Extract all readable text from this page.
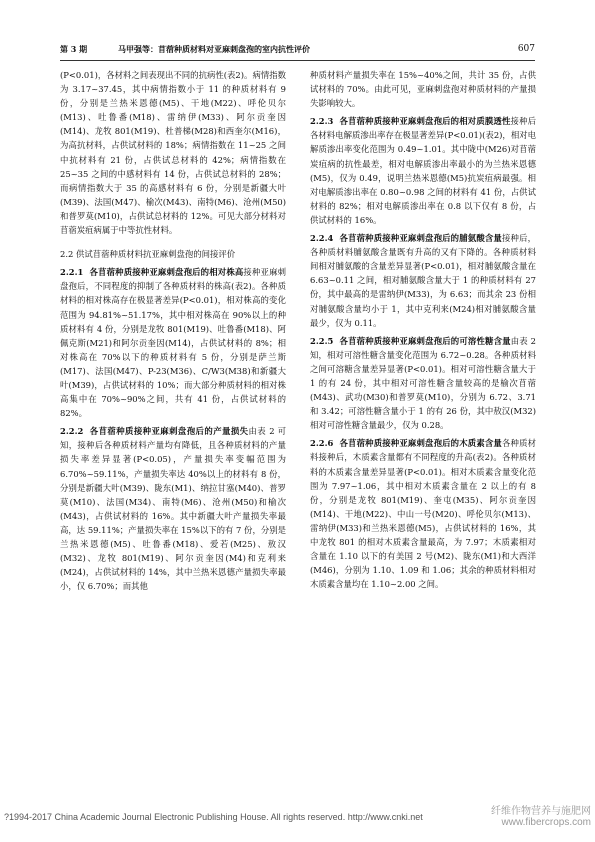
第 3 期	马甲强等：苜蓿种质材料对亚麻刺盘孢的室内抗性评价	607

(P<0.01)，各材料之间表现出不同的抗病性(表2)。病情指数为 3.17~37.45，其中病情指数小于 11 的种质材料有 9 份，分别是兰热米恩德(M5)、干地(M22)、呼伦贝尔(M13)、吐鲁番(M18)、雷纳伊(M33)、阿尔贡奎因(M14)、龙牧 801(M19)、杜普梯(M28)和西奎尔(M16)，为高抗材料，占供试材料的 18%；病情指数在 11~25 之间中抗材料有 21 份，占供试总材料的 42%；病情指数在 25~35 之间的中感材料有 14 份，占供试总材料的 28%；而病情指数大于 35 的高感材料有 6 份，分别是新疆大叶(M39)、法国(M47)、榆次(M43)、南特(M6)、沧州(M50)和普罗莫(M10)，占供试总材料的 12%。可见大部分材料对苜蓿炭疽病属于中等抗性材料。

2.2 供试苜蓿种质材料抗亚麻刺盘孢的间接评价

2.2.1 各苜蓿种质接种亚麻刺盘孢后的相对株高接种亚麻刺盘孢后，不同程度的抑制了各种质材料的株高(表2)。各种质材料的相对株高存在极显著差异(P<0.01)，相对株高的变化范围为 94.81%~51.17%，其中相对株高在 90%以上的种质材料有 4 份，分别是龙牧 801(M19)、吐鲁番(M18)、阿佩克斯(M21)和阿尔贡奎因(M14)，占供试材料的 8%；相对株高在 70%以下的种质材料有 5 份，分别是萨兰斯(M17)、法国(M47)、P-23(M36)、C/W3(M38)和新疆大叶(M39)，占供试材料的 10%；而大部分种质材料的相对株高集中在 70%~90%之间，共有 41 份，占供试材料的 82%。

2.2.2 各苜蓿种质接种亚麻刺盘孢后的产量损失由表 2 可知，接种后各种质材料产量均有降低，且各种质材料的产量损失率差异显著(P<0.05)，产量损失率变幅范围为 6.70%~59.11%，产量损失率达 40%以上的材料有 8 份，分别是新疆大叶(M39)、陇东(M1)、纳拉甘塞(M40)、普罗莫(M10)、法国(M34)、南特(M6)、沧州(M50)和榆次(M43)，占供试材料的 16%。其中新疆大叶产量损失率最高，达 59.11%；产量损失率在 15%以下的有 7 份，分别是兰热米恩德(M5)、吐鲁番(M18)、爱若(M25)、敖汉(M32)、龙牧 801(M19)、阿尔贡奎因(M4)和克利来(M24)，占供试材料的 14%，其中兰热米恩德产量损失率最小，仅 6.70%；而其他

种质材料产量损失率在 15%~40%之间，共计 35 份，占供试材料的 70%。由此可见，亚麻刺盘孢对种质材料的产量损失影响较大。

2.2.3 各苜蓿种质接种亚麻刺盘孢后的相对质膜透性接种后各材料电解质渗出率存在极显著差异(P<0.01)(表2)，相对电解质渗出率变化范围为 0.49~1.01。其中陇中(M26)对苜蓿炭疽病的抗性最差，相对电解质渗出率最小的为兰热米恩德(M5)，仅为 0.49，说明兰热米恩德(M5)抗炭疽病最强。相对电解质渗出率在 0.80~0.98 之间的材料有 41 份，占供试材料的 82%；相对电解质渗出率在 0.8 以下仅有 8 份，占供试材料的 16%。

2.2.4 各苜蓿种质接种亚麻刺盘孢后的脯氨酸含量接种后，各种质材料脯氨酸含量既有升高的又有下降的。各种质材料间相对脯氨酸的含量差异显著(P<0.01)，相对脯氨酸含量在 6.63~0.11 之间，相对脯氨酸含量大于 1 的种质材料有 27 份，其中最高的是雷纳伊(M33)，为 6.63；而其余 23 份相对脯氨酸含量均小于 1，其中克利来(M24)相对脯氨酸含量最少，仅为 0.11。

2.2.5 各苜蓿种质接种亚麻刺盘孢后的可溶性糖含量由表 2 知，相对可溶性糖含量变化范围为 6.72~0.28。各种质材料之间可溶糖含量差异显著(P<0.01)。相对可溶性糖含量大于 1 的有 24 份，其中相对可溶性糖含量较高的是榆次苜蓿(M43)、武功(M30)和普罗莫(M10)，分别为 6.72、3.71 和 3.42；可溶性糖含量小于 1 的有 26 份，其中敖汉(M32)相对可溶性糖含量最少，仅为 0.28。

2.2.6 各苜蓿种质接种亚麻刺盘孢后的木质素含量各种质材料接种后，木质素含量都有不同程度的升高(表2)。各种质材料的木质素含量差异显著(P<0.01)。相对木质素含量变化范围为 7.97~1.06，其中相对木质素含量在 2 以上的有 8 份，分别是龙牧 801(M19)、奎屯(M35)、阿尔贡奎因(M14)、干地(M22)、中山一号(M20)、呼伦贝尔(M13)、雷纳伊(M33)和兰热米恩德(M5)，占供试材料的 16%，其中龙牧 801 的相对木质素含量最高，为 7.97；木质素相对含量在 1.10 以下的有美国 2 号(M2)、陇东(M1)和大西洋(M46)，分别为 1.10、1.09 和 1.06；其余的种质材料相对木质素含量均在 1.10~2.00 之间。

?1994-2017 China Academic Journal Electronic Publishing House. All rights reserved. http://www.cnki.net	纤维作物营养与施肥网
www.fibercrops.com
